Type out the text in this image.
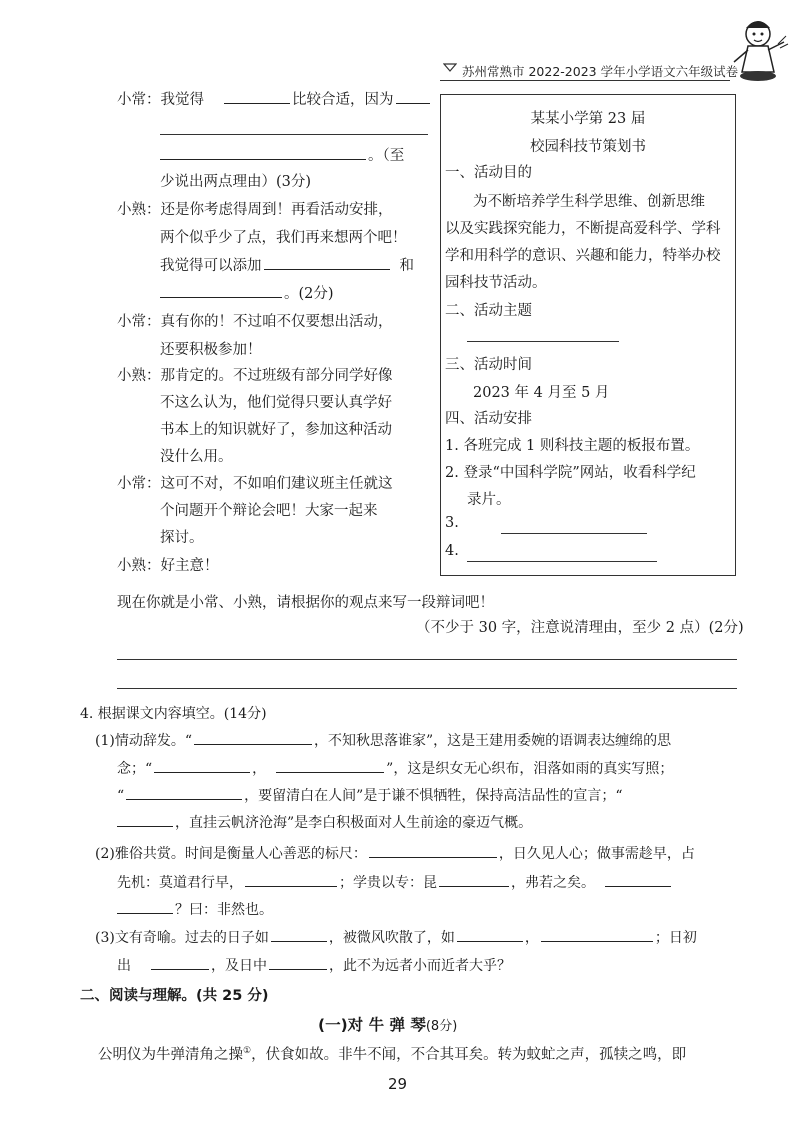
苏州常熟市 2022-2023 学年小学语文六年级试卷
小常：我觉得	比较合适，因为
。（至
少说出两点理由）(3分)
小熟：还是你考虑得周到！再看活动安排，
两个似乎少了点，我们再来想两个吧！
我觉得可以添加	和
。(2分)
小常：真有你的！不过咱不仅要想出活动，
还要积极参加！
小熟：那肯定的。不过班级有部分同学好像
不这么认为，他们觉得只要认真学好
书本上的知识就好了，参加这种活动
没什么用。
小常：这可不对，不如咱们建议班主任就这
个问题开个辩论会吧！大家一起来
探讨。
小熟：好主意！
某某小学第 23 届
校园科技节策划书
一、活动目的
为不断培养学生科学思维、创新思维
以及实践探究能力，不断提高爱科学、学科
学和用科学的意识、兴趣和能力，特举办校
园科技节活动。
二、活动主题
三、活动时间
2023 年 4 月至 5 月
四、活动安排
1. 各班完成 1 则科技主题的板报布置。
2. 登录“中国科学院”网站，收看科学纪
录片。
3.
4.
现在你就是小常、小熟，请根据你的观点来写一段辩词吧！
（不少于 30 字，注意说清理由，至少 2 点）(2分)
4. 根据课文内容填空。(14分)
(1)情动辞发。“	，不知秋思落谁家”，这是王建用委婉的语调表达缠绵的思
念；“	，	”，这是织女无心织布，泪落如雨的真实写照；
“	，要留清白在人间”是于谦不惧牺牲，保持高洁品性的宣言；“
，直挂云帆济沧海”是李白积极面对人生前途的豪迈气概。
(2)雅俗共赏。时间是衡量人心善恶的标尺：	，日久见人心；做事需趁早，占
先机：莫道君行早，	；学贵以专：昆	，弗若之矣。
？曰：非然也。
(3)文有奇喻。过去的日子如	，被微风吹散了，如	，	；日初
出	，及日中	，此不为远者小而近者大乎？
二、阅读与理解。(共 25 分)
(一)对 牛 弹 琴(8分)
公明仪为牛弹清角之操①，伏食如故。非牛不闻，不合其耳矣。转为蚊虻之声，孤犊之鸣，即
29
